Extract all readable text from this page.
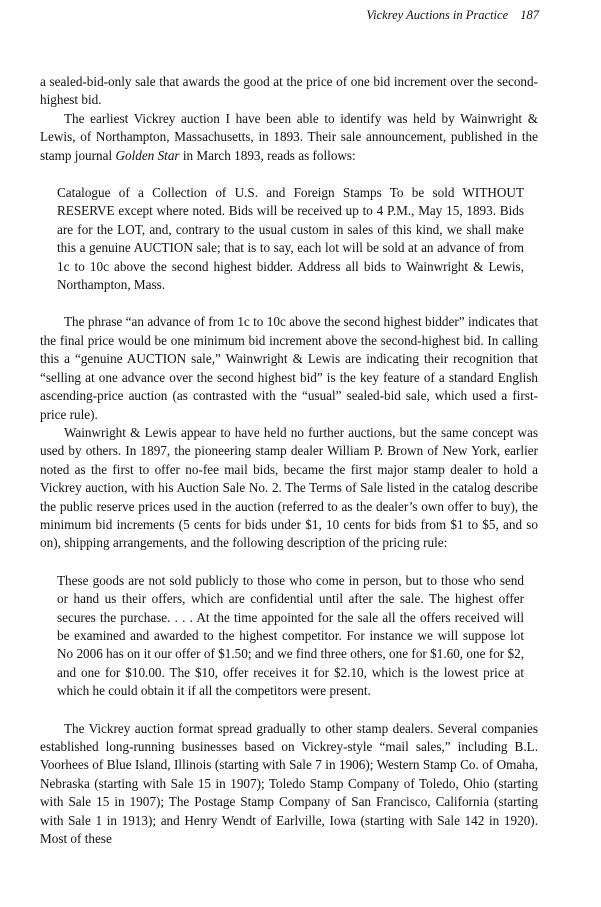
Vickrey Auctions in Practice 187

a sealed-bid-only sale that awards the good at the price of one bid increment over the second-highest bid.

The earliest Vickrey auction I have been able to identify was held by Wainwright & Lewis, of Northampton, Massachusetts, in 1893. Their sale announcement, published in the stamp journal Golden Star in March 1893, reads as follows:

Catalogue of a Collection of U.S. and Foreign Stamps To be sold WITHOUT RESERVE except where noted. Bids will be received up to 4 P.M., May 15, 1893. Bids are for the LOT, and, contrary to the usual custom in sales of this kind, we shall make this a genuine AUCTION sale; that is to say, each lot will be sold at an advance of from 1c to 10c above the second highest bidder. Address all bids to Wainwright & Lewis, Northampton, Mass.

The phrase “an advance of from 1c to 10c above the second highest bidder” indicates that the final price would be one minimum bid increment above the second-highest bid. In calling this a “genuine AUCTION sale,” Wainwright & Lewis are indicating their recognition that “selling at one advance over the second highest bid” is the key feature of a standard English ascending-price auction (as contrasted with the “usual” sealed-bid sale, which used a first-price rule).

Wainwright & Lewis appear to have held no further auctions, but the same concept was used by others. In 1897, the pioneering stamp dealer William P. Brown of New York, earlier noted as the first to offer no-fee mail bids, became the first major stamp dealer to hold a Vickrey auction, with his Auction Sale No. 2. The Terms of Sale listed in the catalog describe the public reserve prices used in the auction (referred to as the dealer’s own offer to buy), the minimum bid increments (5 cents for bids under $1, 10 cents for bids from $1 to $5, and so on), shipping arrangements, and the following description of the pricing rule:

These goods are not sold publicly to those who come in person, but to those who send or hand us their offers, which are confidential until after the sale. The highest offer secures the purchase. . . . At the time appointed for the sale all the offers received will be examined and awarded to the highest competitor. For instance we will suppose lot No 2006 has on it our offer of $1.50; and we find three others, one for $1.60, one for $2, and one for $10.00. The $10, offer receives it for $2.10, which is the lowest price at which he could obtain it if all the competitors were present.

The Vickrey auction format spread gradually to other stamp dealers. Several companies established long-running businesses based on Vickrey-style “mail sales,” including B.L. Voorhees of Blue Island, Illinois (starting with Sale 7 in 1906); Western Stamp Co. of Omaha, Nebraska (starting with Sale 15 in 1907); Toledo Stamp Company of Toledo, Ohio (starting with Sale 15 in 1907); The Postage Stamp Company of San Francisco, California (starting with Sale 1 in 1913); and Henry Wendt of Earlville, Iowa (starting with Sale 142 in 1920). Most of these
